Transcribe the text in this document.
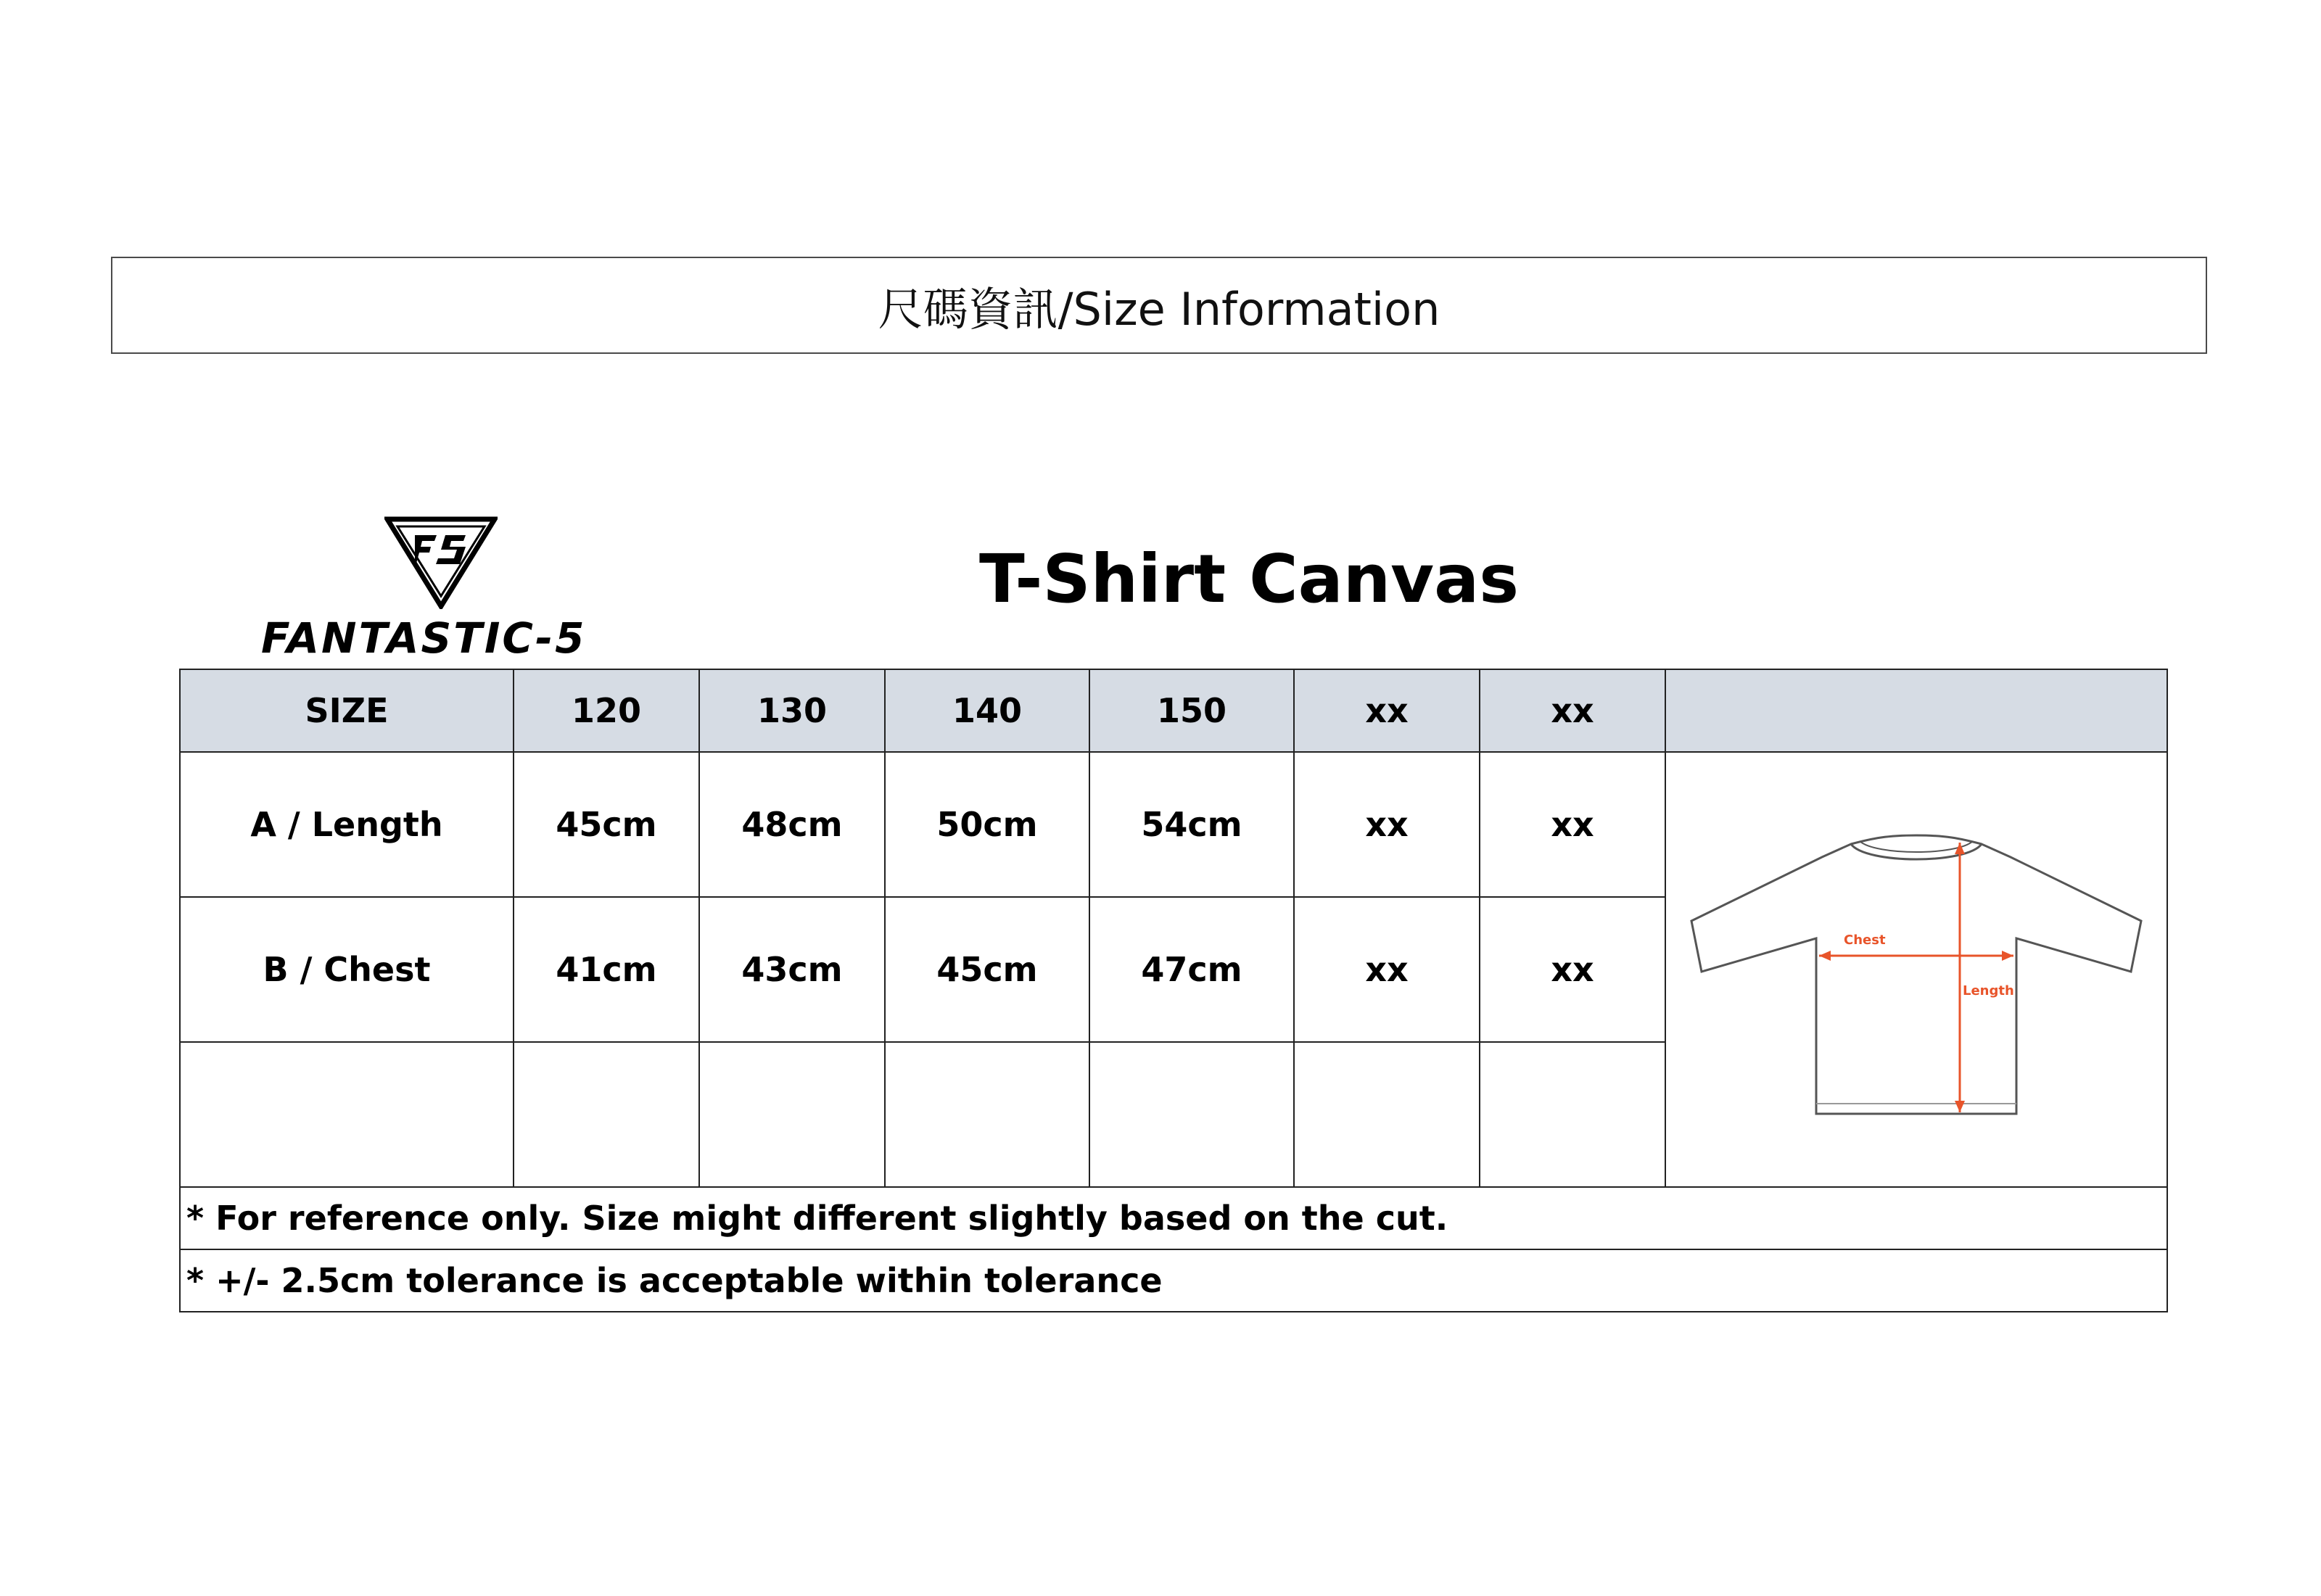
尺碼資訊/Size Information
FANTASTIC-5
T-Shirt Canvas
SIZE	120	130	140	150	xx	xx	
A / Length	45cm	48cm	50cm	54cm	xx	xx	Chest
Length

B / Chest	41cm	43cm	45cm	47cm	xx	xx	

* For reference only. Size might different slightly based on the cut.							
* +/- 2.5cm tolerance is acceptable within tolerance							
